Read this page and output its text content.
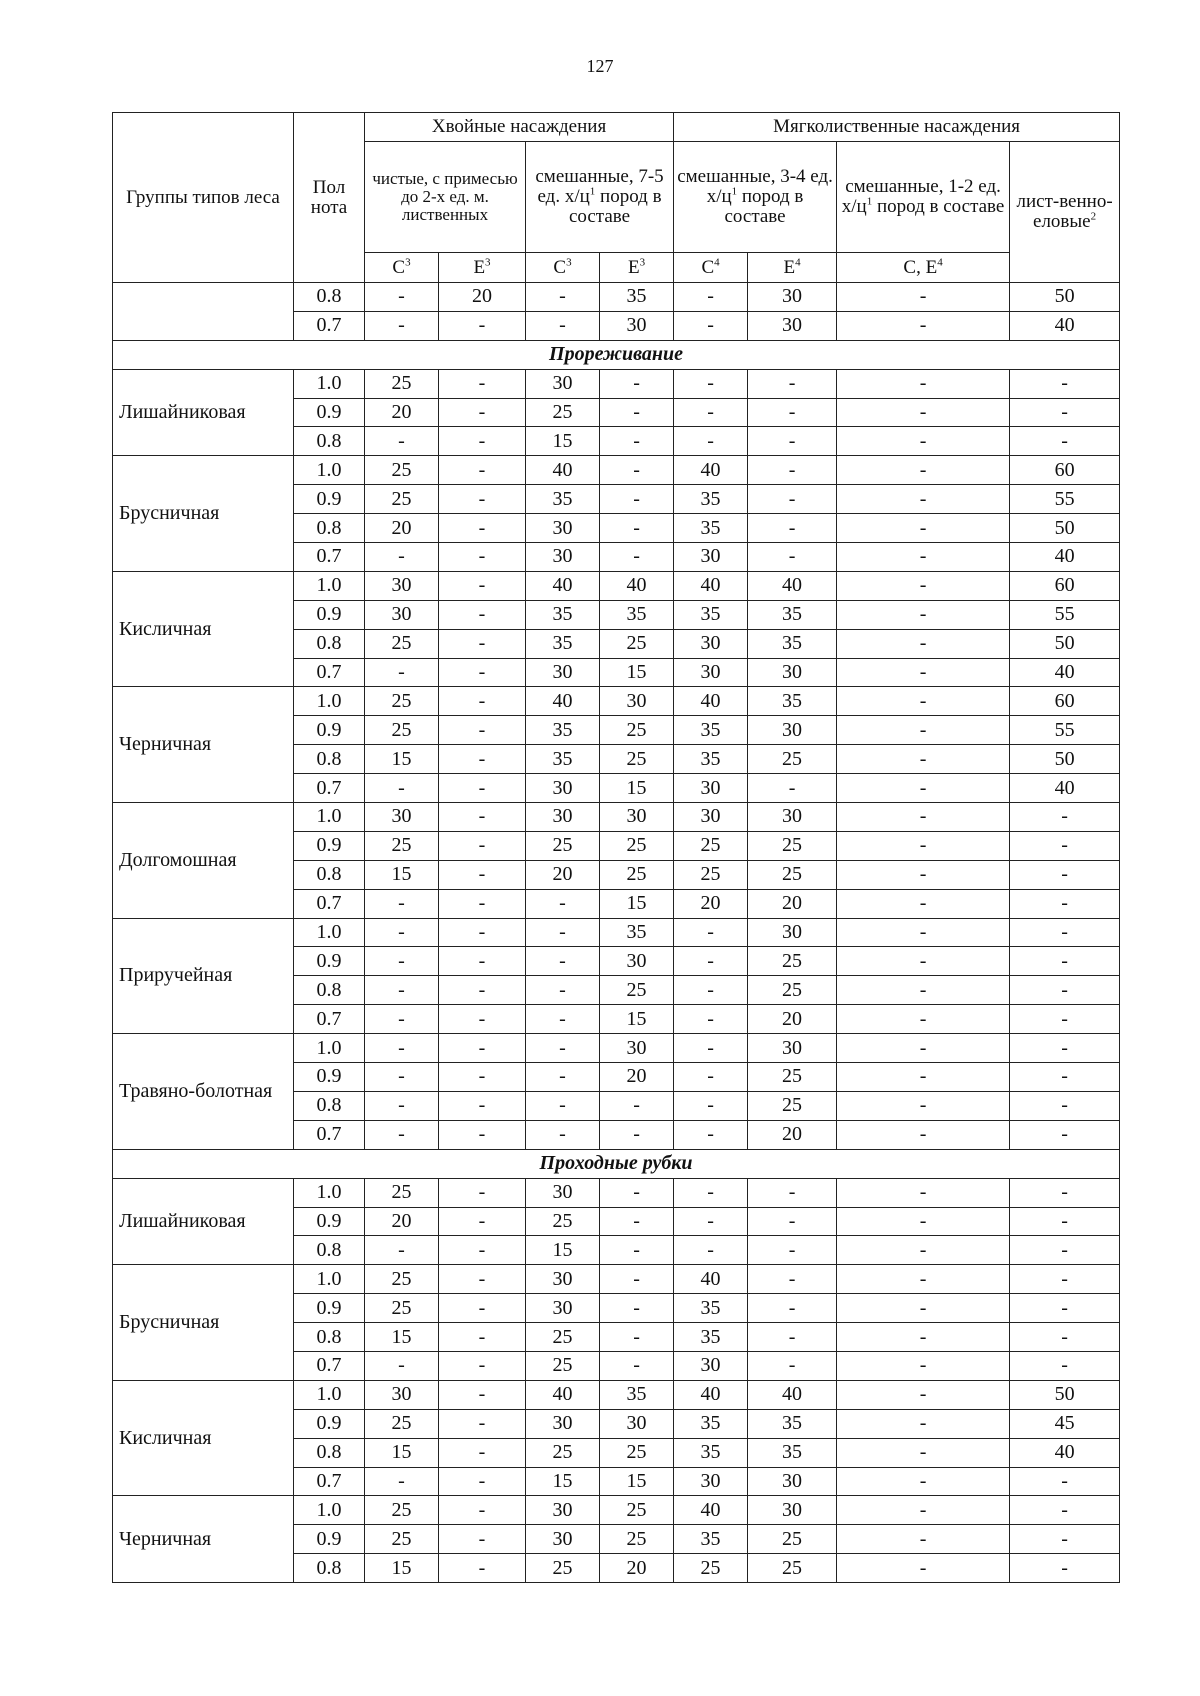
127
Группы типов леса	Пол нота	Хвойные насаждения				Мягколиственные насаждения			
		чистые, с примесью до 2-х ед. м. лиственных		смешанные, 7-5 ед. $х/ц^1$ пород в составе		смешанные, 3-4 ед. $х/ц^1$ пород в составе		смешанные, 1-2 ед. $х/ц^1$ пород в составе	лист-венно-еловые$^2$
		$С^3$	$Е^3$	$С^3$	$Е^3$	$С^4$	$Е^4$	С, $Е^4$
	0.8	-	20	-	35	-	30	-	50
	0.7	-	-	-	30	-	30	-	40
Прореживание									
Лишайниковая	1.0	25	-	30	-	-	-	-	-
	0.9	20	-	25	-	-	-	-	-
	0.8	-	-	15	-	-	-	-	-
Брусничная	1.0	25	-	40	-	40	-	-	60
	0.9	25	-	35	-	35	-	-	55
	0.8	20	-	30	-	35	-	-	50
	0.7	-	-	30	-	30	-	-	40
Кисличная	1.0	30	-	40	40	40	40	-	60
	0.9	30	-	35	35	35	35	-	55
	0.8	25	-	35	25	30	35	-	50
	0.7	-	-	30	15	30	30	-	40
Черничная	1.0	25	-	40	30	40	35	-	60
	0.9	25	-	35	25	35	30	-	55
	0.8	15	-	35	25	35	25	-	50
	0.7	-	-	30	15	30	-	-	40
Долгомошная	1.0	30	-	30	30	30	30	-	-
	0.9	25	-	25	25	25	25	-	-
	0.8	15	-	20	25	25	25	-	-
	0.7	-	-	-	15	20	20	-	-
Приручейная	1.0	-	-	-	35	-	30	-	-
	0.9	-	-	-	30	-	25	-	-
	0.8	-	-	-	25	-	25	-	-
	0.7	-	-	-	15	-	20	-	-
Травяно-болотная	1.0	-	-	-	30	-	30	-	-
	0.9	-	-	-	20	-	25	-	-
	0.8	-	-	-	-	-	25	-	-
	0.7	-	-	-	-	-	20	-	-
Проходные рубки									
Лишайниковая	1.0	25	-	30	-	-	-	-	-
	0.9	20	-	25	-	-	-	-	-
	0.8	-	-	15	-	-	-	-	-
Брусничная	1.0	25	-	30	-	40	-	-	-
	0.9	25	-	30	-	35	-	-	-
	0.8	15	-	25	-	35	-	-	-
	0.7	-	-	25	-	30	-	-	-
Кисличная	1.0	30	-	40	35	40	40	-	50
	0.9	25	-	30	30	35	35	-	45
	0.8	15	-	25	25	35	35	-	40
	0.7	-	-	15	15	30	30	-	-
Черничная	1.0	25	-	30	25	40	30	-	-
	0.9	25	-	30	25	35	25	-	-
	0.8	15	-	25	20	25	25	-	-
